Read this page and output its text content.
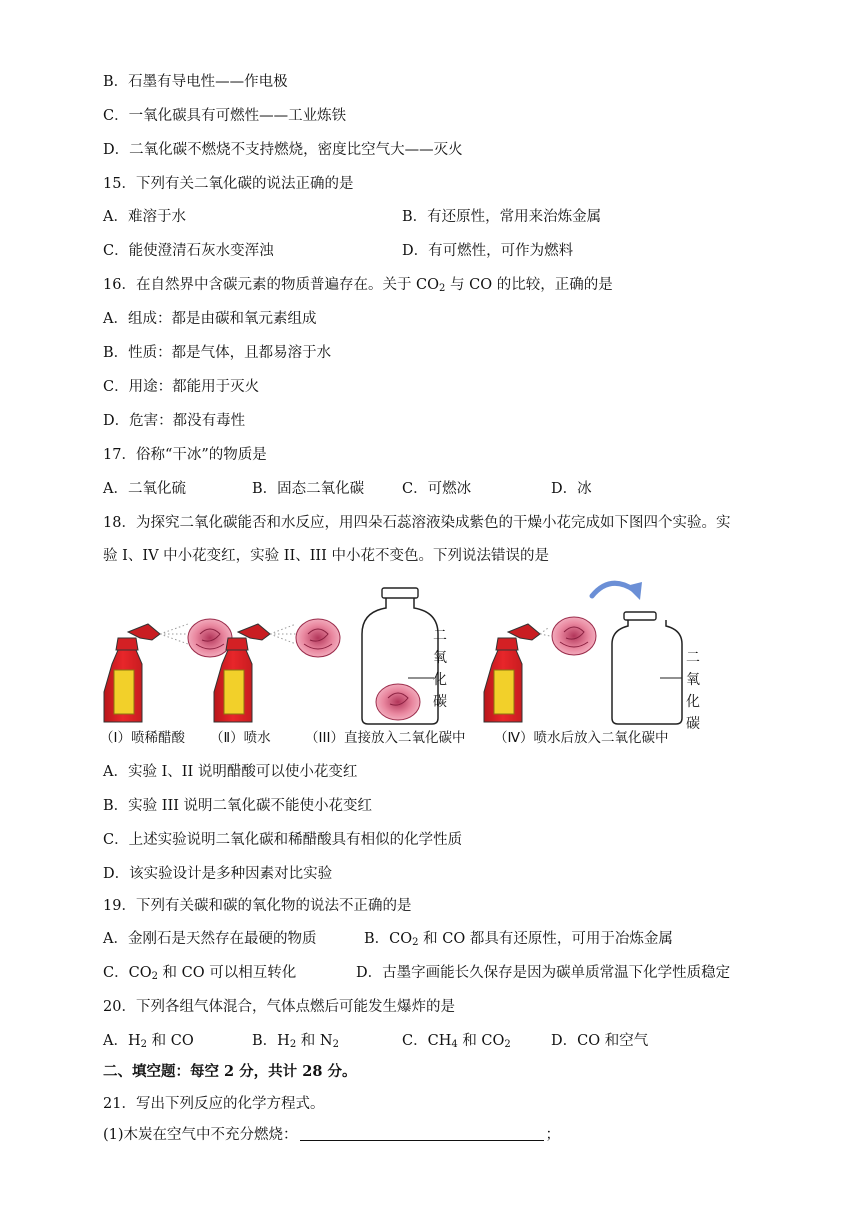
B．石墨有导电性——作电极
C．一氧化碳具有可燃性——工业炼铁
D．二氧化碳不燃烧不支持燃烧，密度比空气大——灭火
15．下列有关二氧化碳的说法正确的是
A．难溶于水	B．有还原性，常用来治炼金属
C．能使澄清石灰水变浑浊	D．有可燃性，可作为燃料
16．在自然界中含碳元素的物质普遍存在。关于 $CO_2$ 与 CO 的比较，正确的是
A．组成：都是由碳和氧元素组成
B．性质：都是气体，且都易溶于水
C．用途：都能用于灭火
D．危害：都没有毒性
17．俗称“干冰”的物质是
A．二氧化硫	B．固态二氧化碳	C．可燃冰	D．冰
18．为探究二氧化碳能否和水反应，用四朵石蕊溶液染成紫色的干燥小花完成如下图四个实验。实
验 I、IV 中小花变红，实验 II、III 中小花不变色。下列说法错误的是
二
氧
化
碳
二
氧
化
碳
（I）喷稀醋酸 （Ⅱ）喷水	（III）直接放入二氧化碳中 （Ⅳ）喷水后放入二氧化碳中
A．实验 I、II 说明醋酸可以使小花变红
B．实验 III 说明二氧化碳不能使小花变红
C．上述实验说明二氧化碳和稀醋酸具有相似的化学性质
D．该实验设计是多种因素对比实验
19．下列有关碳和碳的氧化物的说法不正确的是
A．金刚石是天然存在最硬的物质	B．$CO_2$ 和 CO 都具有还原性，可用于冶炼金属
C．$CO_2$ 和 CO 可以相互转化	D．古墨字画能长久保存是因为碳单质常温下化学性质稳定
20．下列各组气体混合，气体点燃后可能发生爆炸的是
A．$H_2$ 和 CO	B．$H_2$ 和 $N_2$	C．$CH_4$ 和 $CO_2$	D．CO 和空气
二、填空题：每空 2 分，共计 28 分。
21．写出下列反应的化学方程式。
(1)木炭在空气中不充分燃烧：	；
